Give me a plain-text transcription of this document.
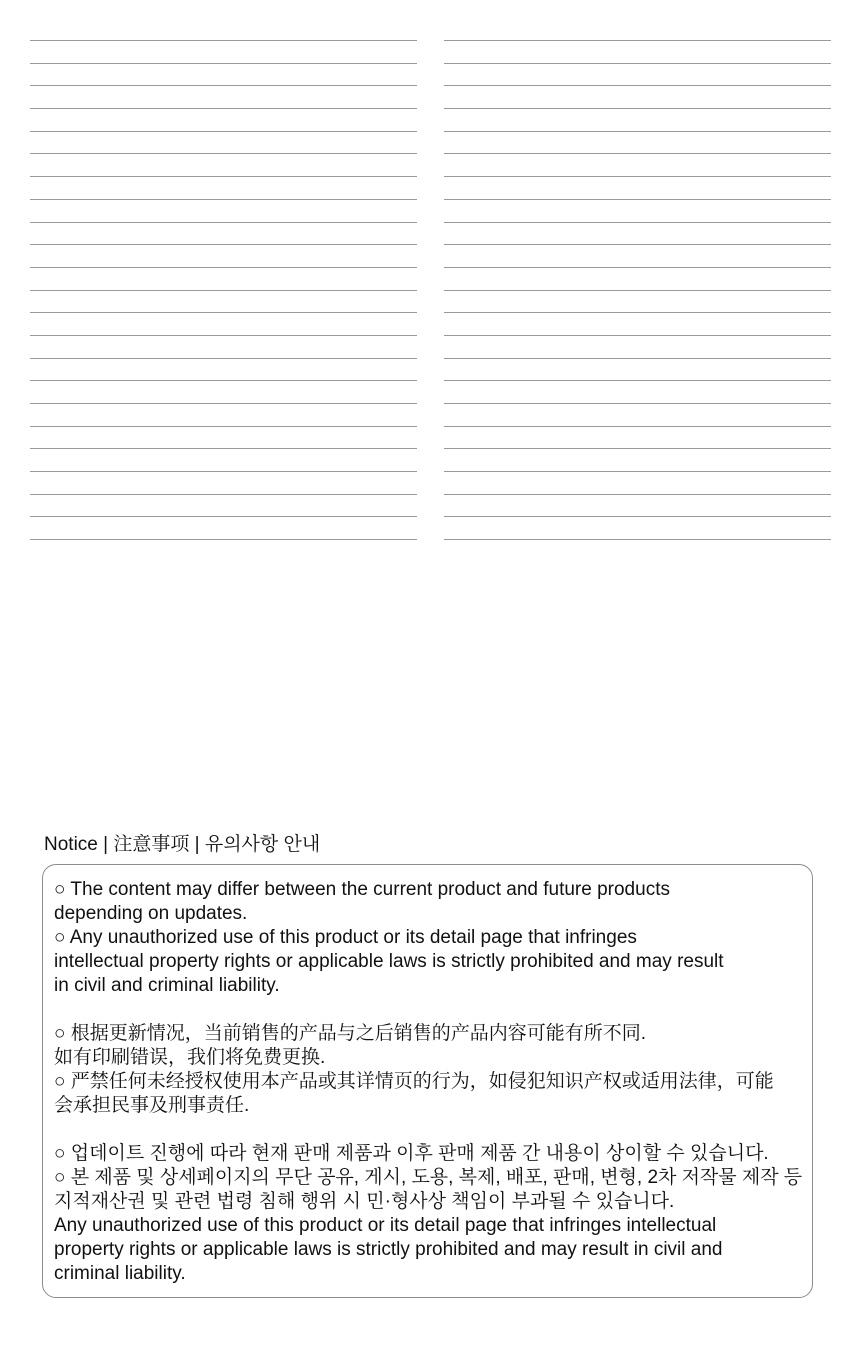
Notice | 注意事项 | 유의사항 안내
○ The content may differ between the current product and future products
depending on updates.
○ Any unauthorized use of this product or its detail page that infringes
intellectual property rights or applicable laws is strictly prohibited and may result
in civil and criminal liability.
○ 根据更新情况，当前销售的产品与之后销售的产品内容可能有所不同.
如有印刷错误，我们将免费更换.
○ 严禁任何未经授权使用本产品或其详情页的行为，如侵犯知识产权或适用法律，可能
会承担民事及刑事责任.
○ 업데이트 진행에 따라 현재 판매 제품과 이후 판매 제품 간 내용이 상이할 수 있습니다.
○ 본 제품 및 상세페이지의 무단 공유, 게시, 도용, 복제, 배포, 판매, 변형, 2차 저작물 제작 등
지적재산권 및 관련 법령 침해 행위 시 민·형사상 책임이 부과될 수 있습니다.
Any unauthorized use of this product or its detail page that infringes intellectual
property rights or applicable laws is strictly prohibited and may result in civil and
criminal liability.
